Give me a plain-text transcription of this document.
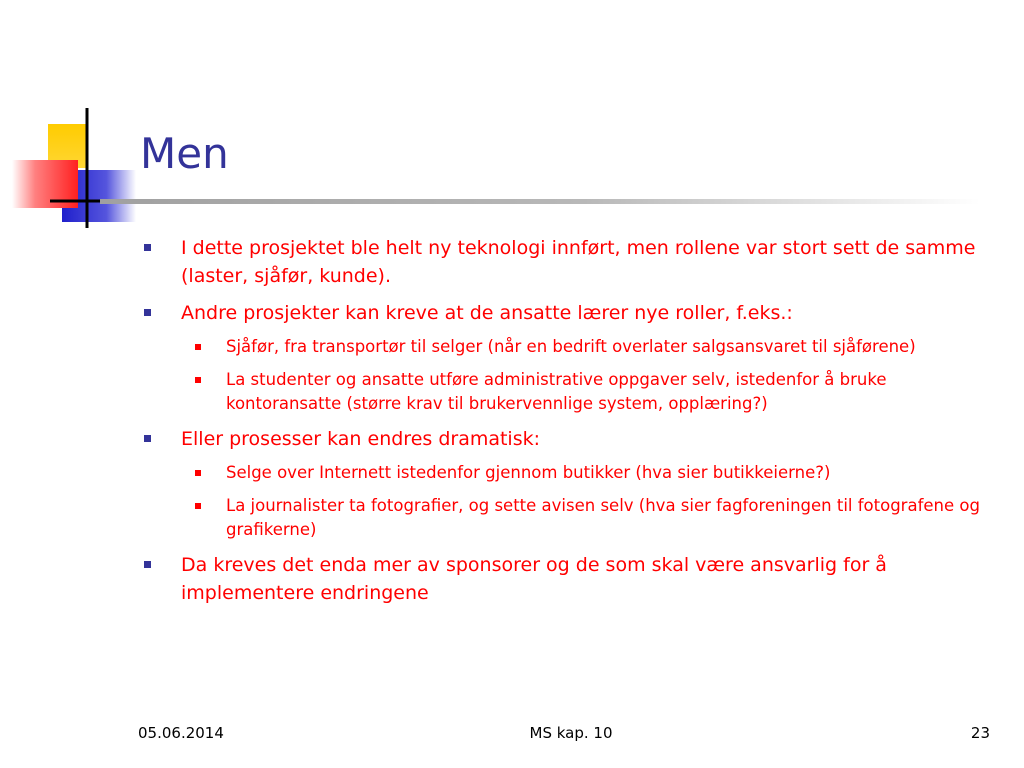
Men
I dette prosjektet ble helt ny teknologi innført, men rollene var stort sett de samme (laster, sjåfør, kunde).
Andre prosjekter kan kreve at de ansatte lærer nye roller, f.eks.:
Sjåfør, fra transportør til selger (når en bedrift overlater salgsansvaret til sjåførene)
La studenter og ansatte utføre administrative oppgaver selv, istedenfor å bruke kontoransatte (større krav til brukervennlige system, opplæring?)
Eller prosesser kan endres dramatisk:
Selge over Internett istedenfor gjennom butikker (hva sier butikkeierne?)
La journalister ta fotografier, og sette avisen selv (hva sier fagforeningen til fotografene og grafikerne)
Da kreves det enda mer av sponsorer og de som skal være ansvarlig for å implementere endringene
05.06.2014	MS kap. 10	23
